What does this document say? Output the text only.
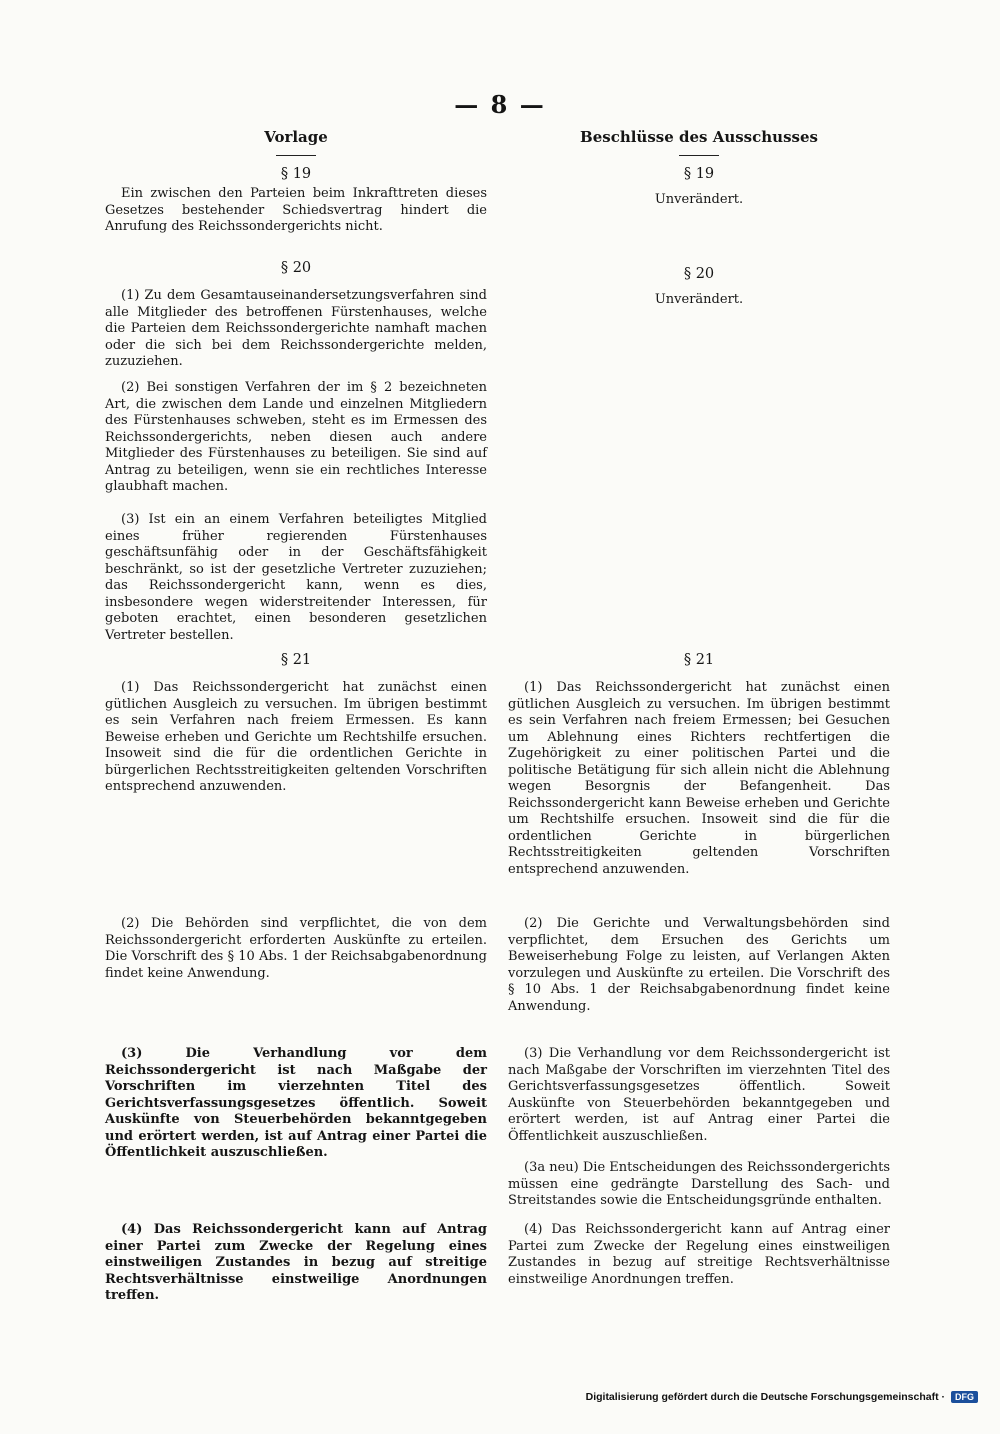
— 8 —
Vorlage
§ 19

Ein zwischen den Parteien beim Inkrafttreten dieses Gesetzes bestehender Schiedsvertrag hindert die Anrufung des Reichssondergerichts nicht.

§ 20

(1) Zu dem Gesamtauseinandersetzungsverfahren sind alle Mitglieder des betroffenen Fürstenhauses, welche die Parteien dem Reichssondergerichte namhaft machen oder die sich bei dem Reichssondergerichte melden, zuzuziehen.

(2) Bei sonstigen Verfahren der im § 2 bezeichneten Art, die zwischen dem Lande und einzelnen Mitgliedern des Fürstenhauses schweben, steht es im Ermessen des Reichssondergerichts, neben diesen auch andere Mitglieder des Fürstenhauses zu beteiligen. Sie sind auf Antrag zu beteiligen, wenn sie ein rechtliches Interesse glaubhaft machen.

(3) Ist ein an einem Verfahren beteiligtes Mitglied eines früher regierenden Fürstenhauses geschäftsunfähig oder in der Geschäftsfähigkeit beschränkt, so ist der gesetzliche Vertreter zuzuziehen; das Reichssondergericht kann, wenn es dies, insbesondere wegen widerstreitender Interessen, für geboten erachtet, einen besonderen gesetzlichen Vertreter bestellen.

§ 21

(1) Das Reichssondergericht hat zunächst einen gütlichen Ausgleich zu versuchen. Im übrigen bestimmt es sein Verfahren nach freiem Ermessen. Es kann Beweise erheben und Gerichte um Rechtshilfe ersuchen. Insoweit sind die für die ordentlichen Gerichte in bürgerlichen Rechtsstreitigkeiten geltenden Vorschriften entsprechend anzuwenden.

(2) Die Behörden sind verpflichtet, die von dem Reichssondergericht erforderten Auskünfte zu erteilen. Die Vorschrift des § 10 Abs. 1 der Reichsabgabenordnung findet keine Anwendung.

(3) Die Verhandlung vor dem Reichssondergericht ist nach Maßgabe der Vorschriften im vierzehnten Titel des Gerichtsverfassungsgesetzes öffentlich. Soweit Auskünfte von Steuerbehörden bekanntgegeben und erörtert werden, ist auf Antrag einer Partei die Öffentlichkeit auszuschließen.

(4) Das Reichssondergericht kann auf Antrag einer Partei zum Zwecke der Regelung eines einstweiligen Zustandes in bezug auf streitige Rechtsverhältnisse einstweilige Anordnungen treffen.

Beschlüsse des Ausschusses
§ 19

Unverändert.

§ 20

Unverändert.

§ 21

(1) Das Reichssondergericht hat zunächst einen gütlichen Ausgleich zu versuchen. Im übrigen bestimmt es sein Verfahren nach freiem Ermessen; bei Gesuchen um Ablehnung eines Richters rechtfertigen die Zugehörigkeit zu einer politischen Partei und die politische Betätigung für sich allein nicht die Ablehnung wegen Besorgnis der Befangenheit. Das Reichssondergericht kann Beweise erheben und Gerichte um Rechtshilfe ersuchen. Insoweit sind die für die ordentlichen Gerichte in bürgerlichen Rechtsstreitigkeiten geltenden Vorschriften entsprechend anzuwenden.

(2) Die Gerichte und Verwaltungsbehörden sind verpflichtet, dem Ersuchen des Gerichts um Beweiserhebung Folge zu leisten, auf Verlangen Akten vorzulegen und Auskünfte zu erteilen. Die Vorschrift des § 10 Abs. 1 der Reichsabgabenordnung findet keine Anwendung.

(3) Die Verhandlung vor dem Reichssondergericht ist nach Maßgabe der Vorschriften im vierzehnten Titel des Gerichtsverfassungsgesetzes öffentlich. Soweit Auskünfte von Steuerbehörden bekanntgegeben und erörtert werden, ist auf Antrag einer Partei die Öffentlichkeit auszuschließen.

(3a neu) Die Entscheidungen des Reichssondergerichts müssen eine gedrängte Darstellung des Sach- und Streitstandes sowie die Entscheidungsgründe enthalten.

(4) Das Reichssondergericht kann auf Antrag einer Partei zum Zwecke der Regelung eines einstweiligen Zustandes in bezug auf streitige Rechtsverhältnisse einstweilige Anordnungen treffen.

Digitalisierung gefördert durch die Deutsche Forschungsgemeinschaft ·	DFG
